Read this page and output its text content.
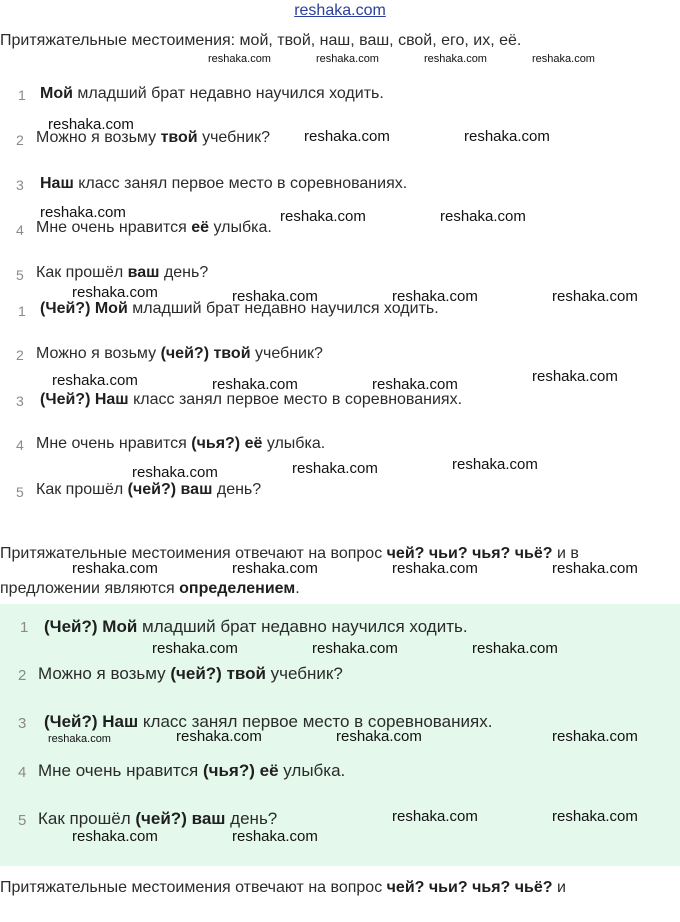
reshaka.com
Притяжательные местоимения: мой, твой, наш, ваш, свой, его, их, её.
1 Мой младший брат недавно научился ходить.
2 Можно я возьму твой учебник?
3 Наш класс занял первое место в соревнованиях.
4 Мне очень нравится её улыбка.
5 Как прошёл ваш день?
1 (Чей?) Мой младший брат недавно научился ходить.
2 Можно я возьму (чей?) твой учебник?
3 (Чей?) Наш класс занял первое место в соревнованиях.
4 Мне очень нравится (чья?) её улыбка.
5 Как прошёл (чей?) ваш день?
Притяжательные местоимения отвечают на вопрос чей? чьи? чья? чьё? и в
предложении являются определением.
1 (Чей?) Мой младший брат недавно научился ходить.
2 Можно я возьму (чей?) твой учебник?
3 (Чей?) Наш класс занял первое место в соревнованиях.
4 Мне очень нравится (чья?) её улыбка.
5 Как прошёл (чей?) ваш день?
Притяжательные местоимения отвечают на вопрос чей? чьи? чья? чьё? и
reshaka.com	reshaka.com	reshaka.com	reshaka.com
reshaka.com
reshaka.com	reshaka.com
reshaka.com	reshaka.com	reshaka.com
reshaka.com	reshaka.com	reshaka.com	reshaka.com
reshaka.com	reshaka.com	reshaka.com	reshaka.com
reshaka.com	reshaka.com	reshaka.com
reshaka.com	reshaka.com	reshaka.com	reshaka.com
reshaka.com	reshaka.com	reshaka.com
reshaka.com	reshaka.com	reshaka.com	reshaka.com
reshaka.com	reshaka.com
reshaka.com	reshaka.com
